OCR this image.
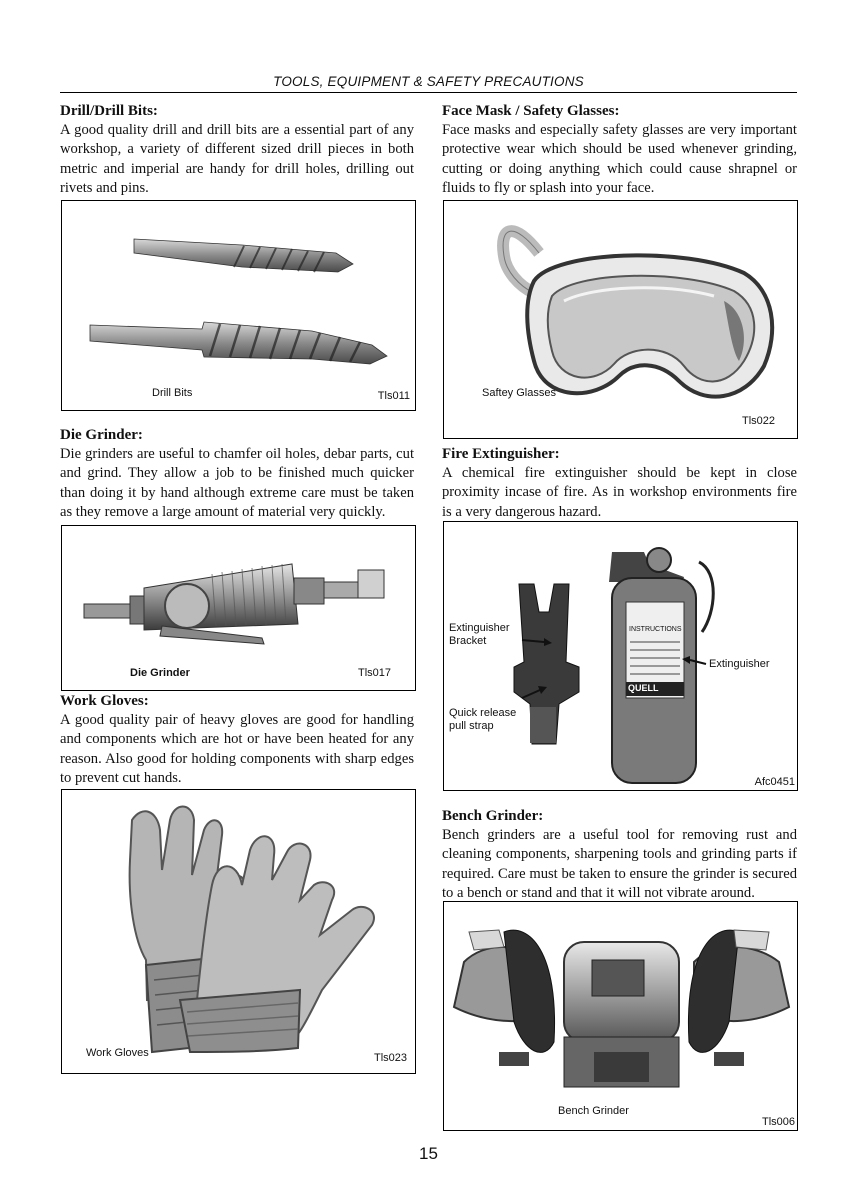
TOOLS, EQUIPMENT & SAFETY PRECAUTIONS
Drill/Drill Bits:

A good quality drill and drill bits are a essential part of any workshop, a variety of different sized drill pieces in both metric and imperial are handy for drill holes, drilling out rivets and pins.

Drill Bits	Tls011
Face Mask / Safety Glasses:

Face masks and especially safety glasses are very important protective wear which should be used whenever grinding, cutting or doing anything which could cause shrapnel or fluids to fly or splash into your face.

Saftey Glasses
Tls022
Die Grinder:

Die grinders are useful to chamfer oil holes, debar parts, cut and grind. They allow a job to be finished much quicker than doing it by hand although extreme care must be taken as they remove a large amount of material very quickly.

Die Grinder	Tls017
Fire Extinguisher:

A chemical fire extinguisher should be kept in close proximity incase of fire. As in workshop environments fire is a very dangerous hazard.

Extinguisher
Bracket
Extinguisher
Quick release
pull strap
INSTRUCTIONS
QUELL
Afc0451
Work Gloves:

A good quality pair of heavy gloves are good for handling and components which are hot or have been heated for any reason. Also good for holding components with sharp edges to prevent cut hands.

Work Gloves	Tls023
Bench Grinder:

Bench grinders are a useful tool for removing rust and cleaning components, sharpening tools and grinding parts if required. Care must be taken to ensure the grinder is secured to a bench or stand and that it will not vibrate around.

Bench Grinder
Tls006
15
